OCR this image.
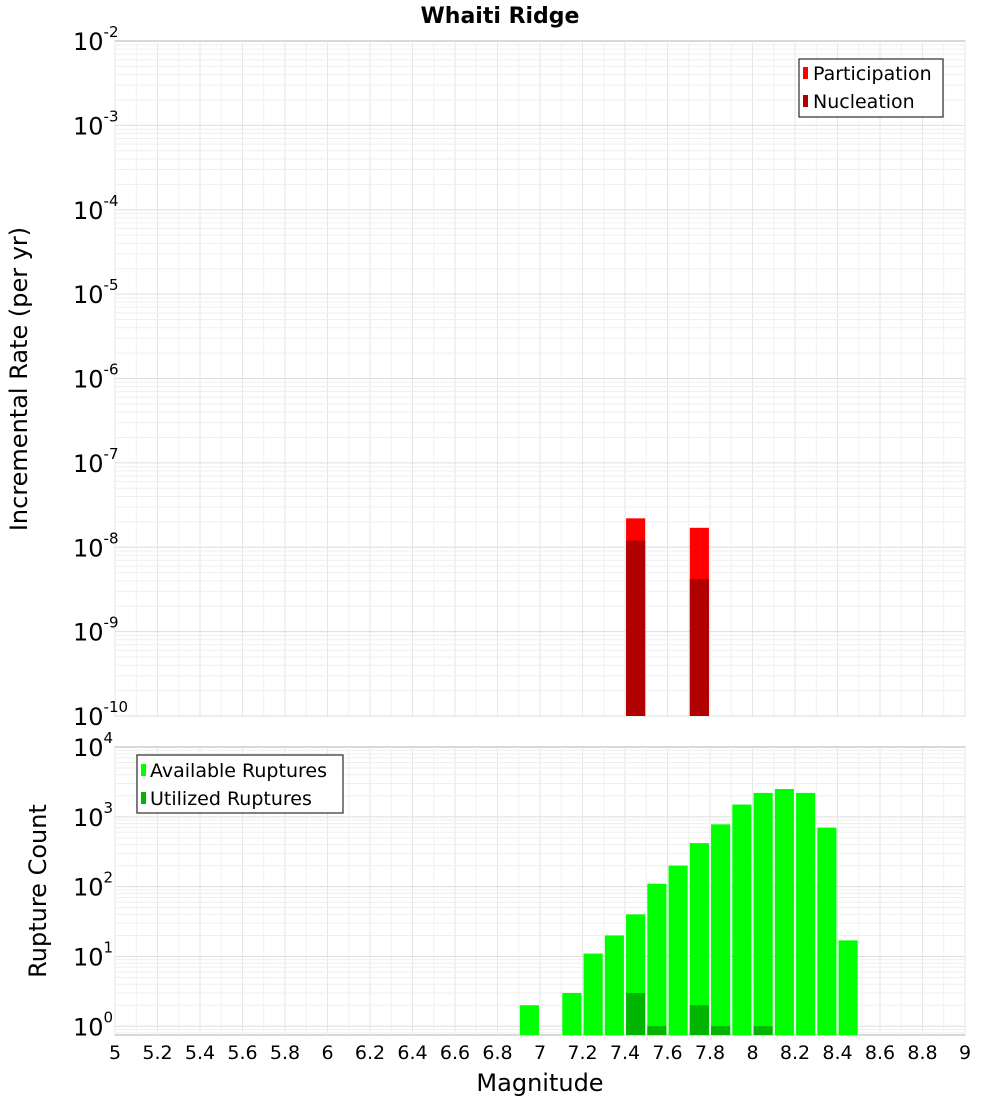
Whaiti Ridge
$10^{-2}$
$10^{-3}$
$10^{-4}$
$10^{-5}$
$10^{-6}$
$10^{-7}$
$10^{-8}$
$10^{-9}$
$10^{-10}$
Incremental Rate (per yr)
Participation
Nucleation
$10^4$
$10^3$
$10^2$
$10^1$
$10^0$
5 5.2 5.4 5.6 5.8 6 6.2 6.4 6.6 6.8 7 7.2 7.4 7.6 7.8 8 8.2 8.4 8.6 8.8 9
Rupture Count
Magnitude
Available Ruptures
Utilized Ruptures
